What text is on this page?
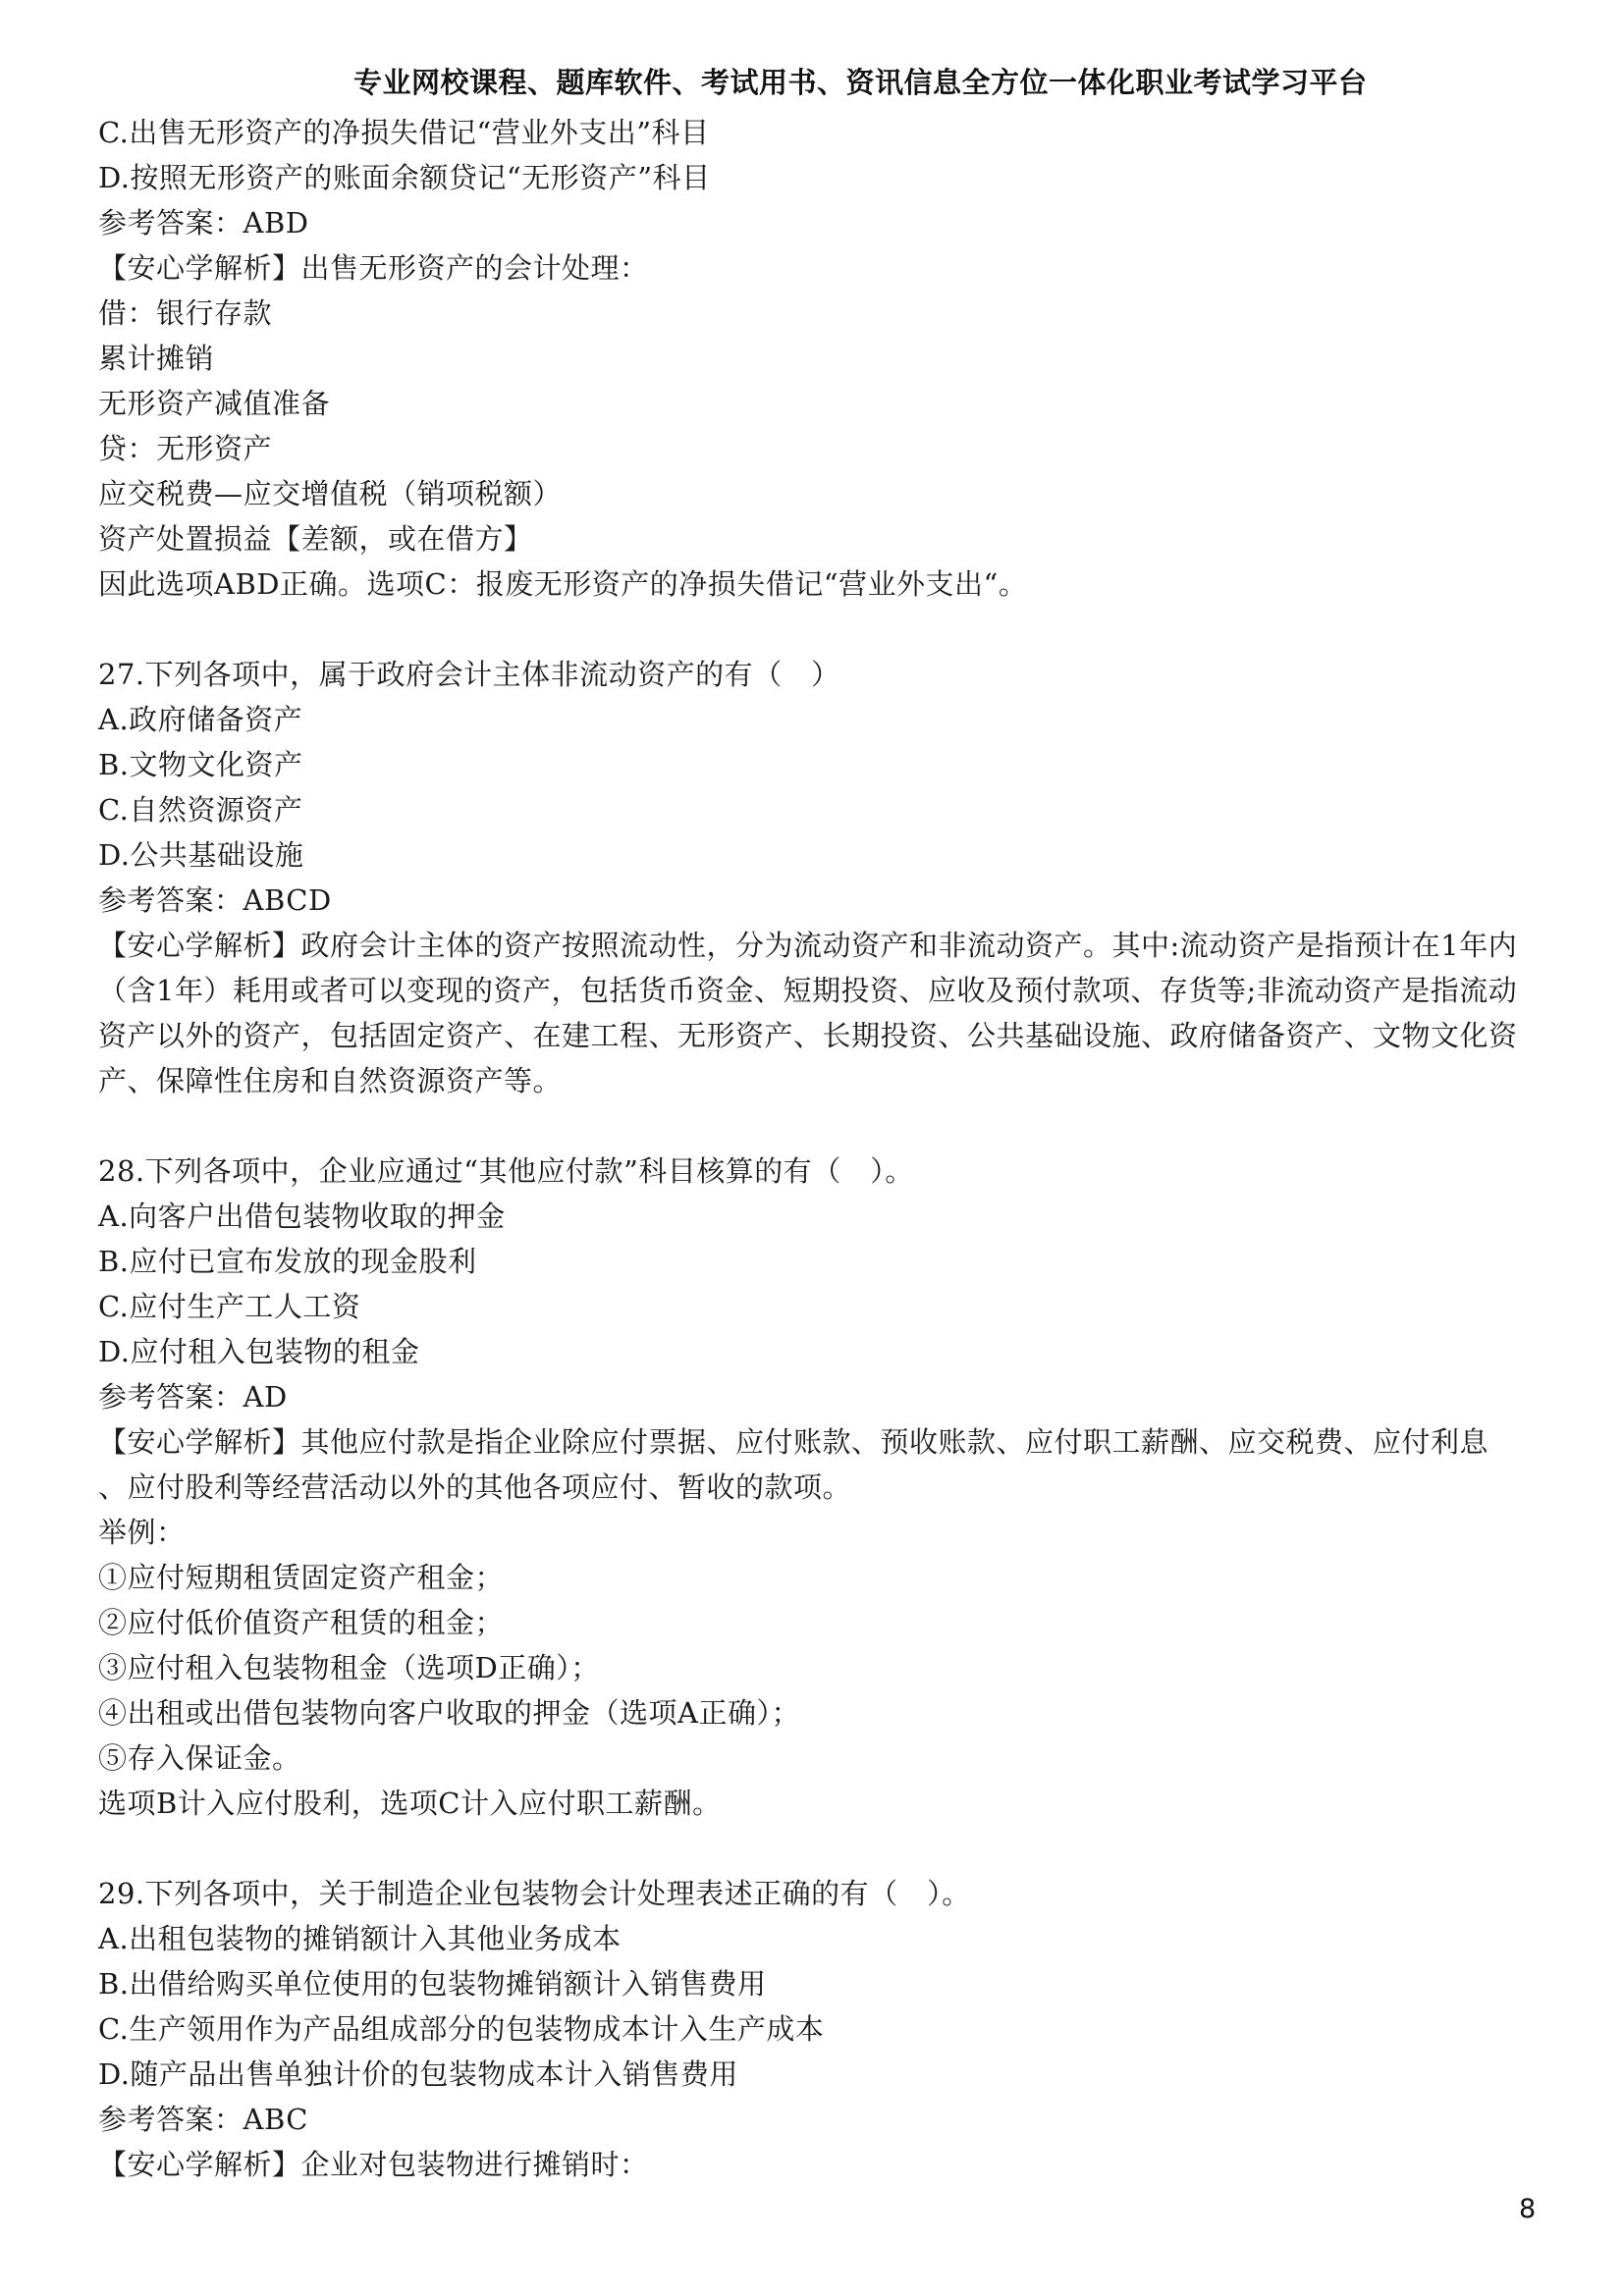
专业网校课程、题库软件、考试用书、资讯信息全方位一体化职业考试学习平台
C.出售无形资产的净损失借记“营业外支出”科目
D.按照无形资产的账面余额贷记“无形资产”科目
参考答案：ABD
【安心学解析】出售无形资产的会计处理：
借：银行存款
累计摊销
无形资产减值准备
贷：无形资产
应交税费—应交增值税（销项税额）
资产处置损益【差额，或在借方】
因此选项ABD正确。选项C：报废无形资产的净损失借记“营业外支出“。
27.下列各项中，属于政府会计主体非流动资产的有（　）
A.政府储备资产
B.文物文化资产
C.自然资源资产
D.公共基础设施
参考答案：ABCD
【安心学解析】政府会计主体的资产按照流动性，分为流动资产和非流动资产。其中:流动资产是指预计在1年内（含1年）耗用或者可以变现的资产，包括货币资金、短期投资、应收及预付款项、存货等;非流动资产是指流动资产以外的资产，包括固定资产、在建工程、无形资产、长期投资、公共基础设施、政府储备资产、文物文化资产、保障性住房和自然资源资产等。
28.下列各项中，企业应通过“其他应付款”科目核算的有（　）。
A.向客户出借包装物收取的押金
B.应付已宣布发放的现金股利
C.应付生产工人工资
D.应付租入包装物的租金
参考答案：AD
【安心学解析】其他应付款是指企业除应付票据、应付账款、预收账款、应付职工薪酬、应交税费、应付利息 、应付股利等经营活动以外的其他各项应付、暂收的款项。
举例：
①应付短期租赁固定资产租金；
②应付低价值资产租赁的租金；
③应付租入包装物租金（选项D正确）；
④出租或出借包装物向客户收取的押金（选项A正确）；
⑤存入保证金。
选项B计入应付股利，选项C计入应付职工薪酬。
29.下列各项中，关于制造企业包装物会计处理表述正确的有（　）。
A.出租包装物的摊销额计入其他业务成本
B.出借给购买单位使用的包装物摊销额计入销售费用
C.生产领用作为产品组成部分的包装物成本计入生产成本
D.随产品出售单独计价的包装物成本计入销售费用
参考答案：ABC
【安心学解析】企业对包装物进行摊销时：
8
